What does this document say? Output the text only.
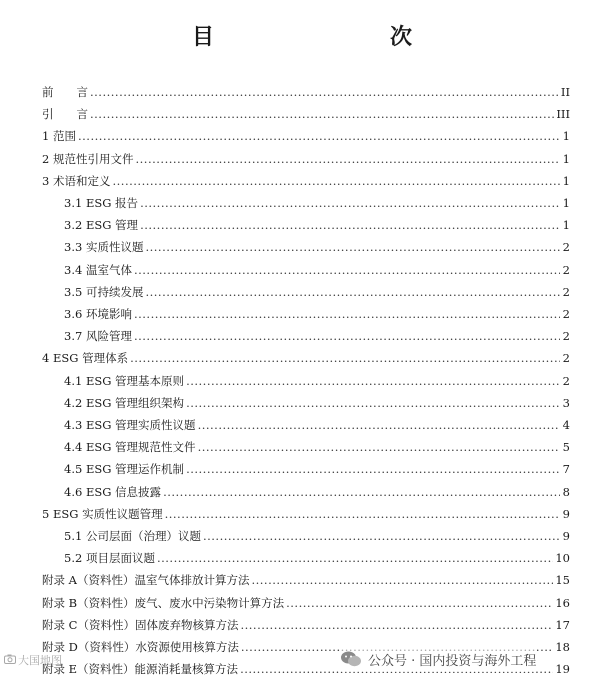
目　　次
前　　言 .....	II
引　　言 .....	III
1 范围 .....	1
2 规范性引用文件 .....	1
3 术语和定义 .....	1
3.1 ESG 报告 .....	1
3.2 ESG 管理 .....	1
3.3 实质性议题 .....	2
3.4 温室气体 .....	2
3.5 可持续发展 .....	2
3.6 环境影响 .....	2
3.7 风险管理 .....	2
4 ESG 管理体系 .....	2
4.1 ESG 管理基本原则 .....	2
4.2 ESG 管理组织架构 .....	3
4.3 ESG 管理实质性议题 .....	4
4.4 ESG 管理规范性文件 .....	5
4.5 ESG 管理运作机制 .....	7
4.6 ESG 信息披露 .....	8
5 ESG 实质性议题管理 .....	9
5.1 公司层面（治理）议题 .....	9
5.2 项目层面议题 .....	10
附录 A（资料性）温室气体排放计算方法 .....	15
附录 B（资料性）废气、废水中污染物计算方法 .....	16
附录 C（资料性）固体废弃物核算方法 .....	17
附录 D（资料性）水资源使用核算方法 .....	18
附录 E（资料性）能源消耗量核算方法 .....	19
大国地图	公众号 · 国内投资与海外工程
